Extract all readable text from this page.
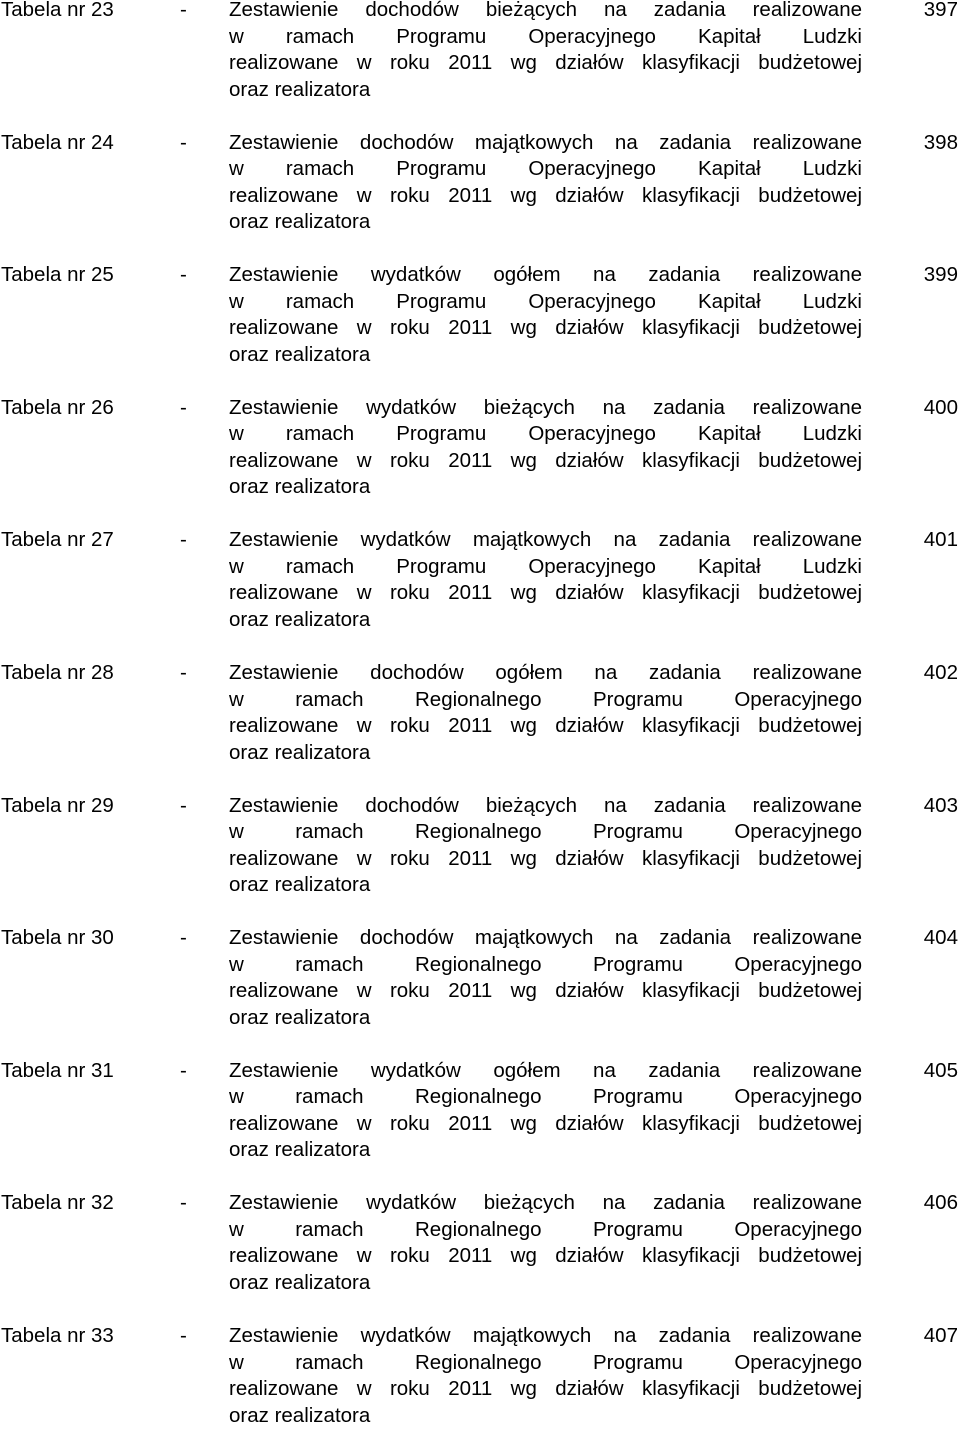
Tabela nr 23	- Zestawienie dochodów bieżących na zadania realizowane
w ramach Programu Operacyjnego Kapitał Ludzki
realizowane w roku 2011 wg działów klasyfikacji budżetowej
oraz realizatora
397
Tabela nr 24	- Zestawienie dochodów majątkowych na zadania realizowane
w ramach Programu Operacyjnego Kapitał Ludzki
realizowane w roku 2011 wg działów klasyfikacji budżetowej
oraz realizatora
398
Tabela nr 25	- Zestawienie wydatków ogółem na zadania realizowane
w ramach Programu Operacyjnego Kapitał Ludzki
realizowane w roku 2011 wg działów klasyfikacji budżetowej
oraz realizatora
399
Tabela nr 26	- Zestawienie wydatków bieżących na zadania realizowane
w ramach Programu Operacyjnego Kapitał Ludzki
realizowane w roku 2011 wg działów klasyfikacji budżetowej
oraz realizatora
400
Tabela nr 27	- Zestawienie wydatków majątkowych na zadania realizowane
w ramach Programu Operacyjnego Kapitał Ludzki
realizowane w roku 2011 wg działów klasyfikacji budżetowej
oraz realizatora
401
Tabela nr 28	- Zestawienie dochodów ogółem na zadania realizowane
w ramach Regionalnego Programu Operacyjnego
realizowane w roku 2011 wg działów klasyfikacji budżetowej
oraz realizatora
402
Tabela nr 29	- Zestawienie dochodów bieżących na zadania realizowane
w ramach Regionalnego Programu Operacyjnego
realizowane w roku 2011 wg działów klasyfikacji budżetowej
oraz realizatora
403
Tabela nr 30	- Zestawienie dochodów majątkowych na zadania realizowane
w ramach Regionalnego Programu Operacyjnego
realizowane w roku 2011 wg działów klasyfikacji budżetowej
oraz realizatora
404
Tabela nr 31	- Zestawienie wydatków ogółem na zadania realizowane
w ramach Regionalnego Programu Operacyjnego
realizowane w roku 2011 wg działów klasyfikacji budżetowej
oraz realizatora
405
Tabela nr 32	- Zestawienie wydatków bieżących na zadania realizowane
w ramach Regionalnego Programu Operacyjnego
realizowane w roku 2011 wg działów klasyfikacji budżetowej
oraz realizatora
406
Tabela nr 33	- Zestawienie wydatków majątkowych na zadania realizowane
w ramach Regionalnego Programu Operacyjnego
realizowane w roku 2011 wg działów klasyfikacji budżetowej
oraz realizatora
407
